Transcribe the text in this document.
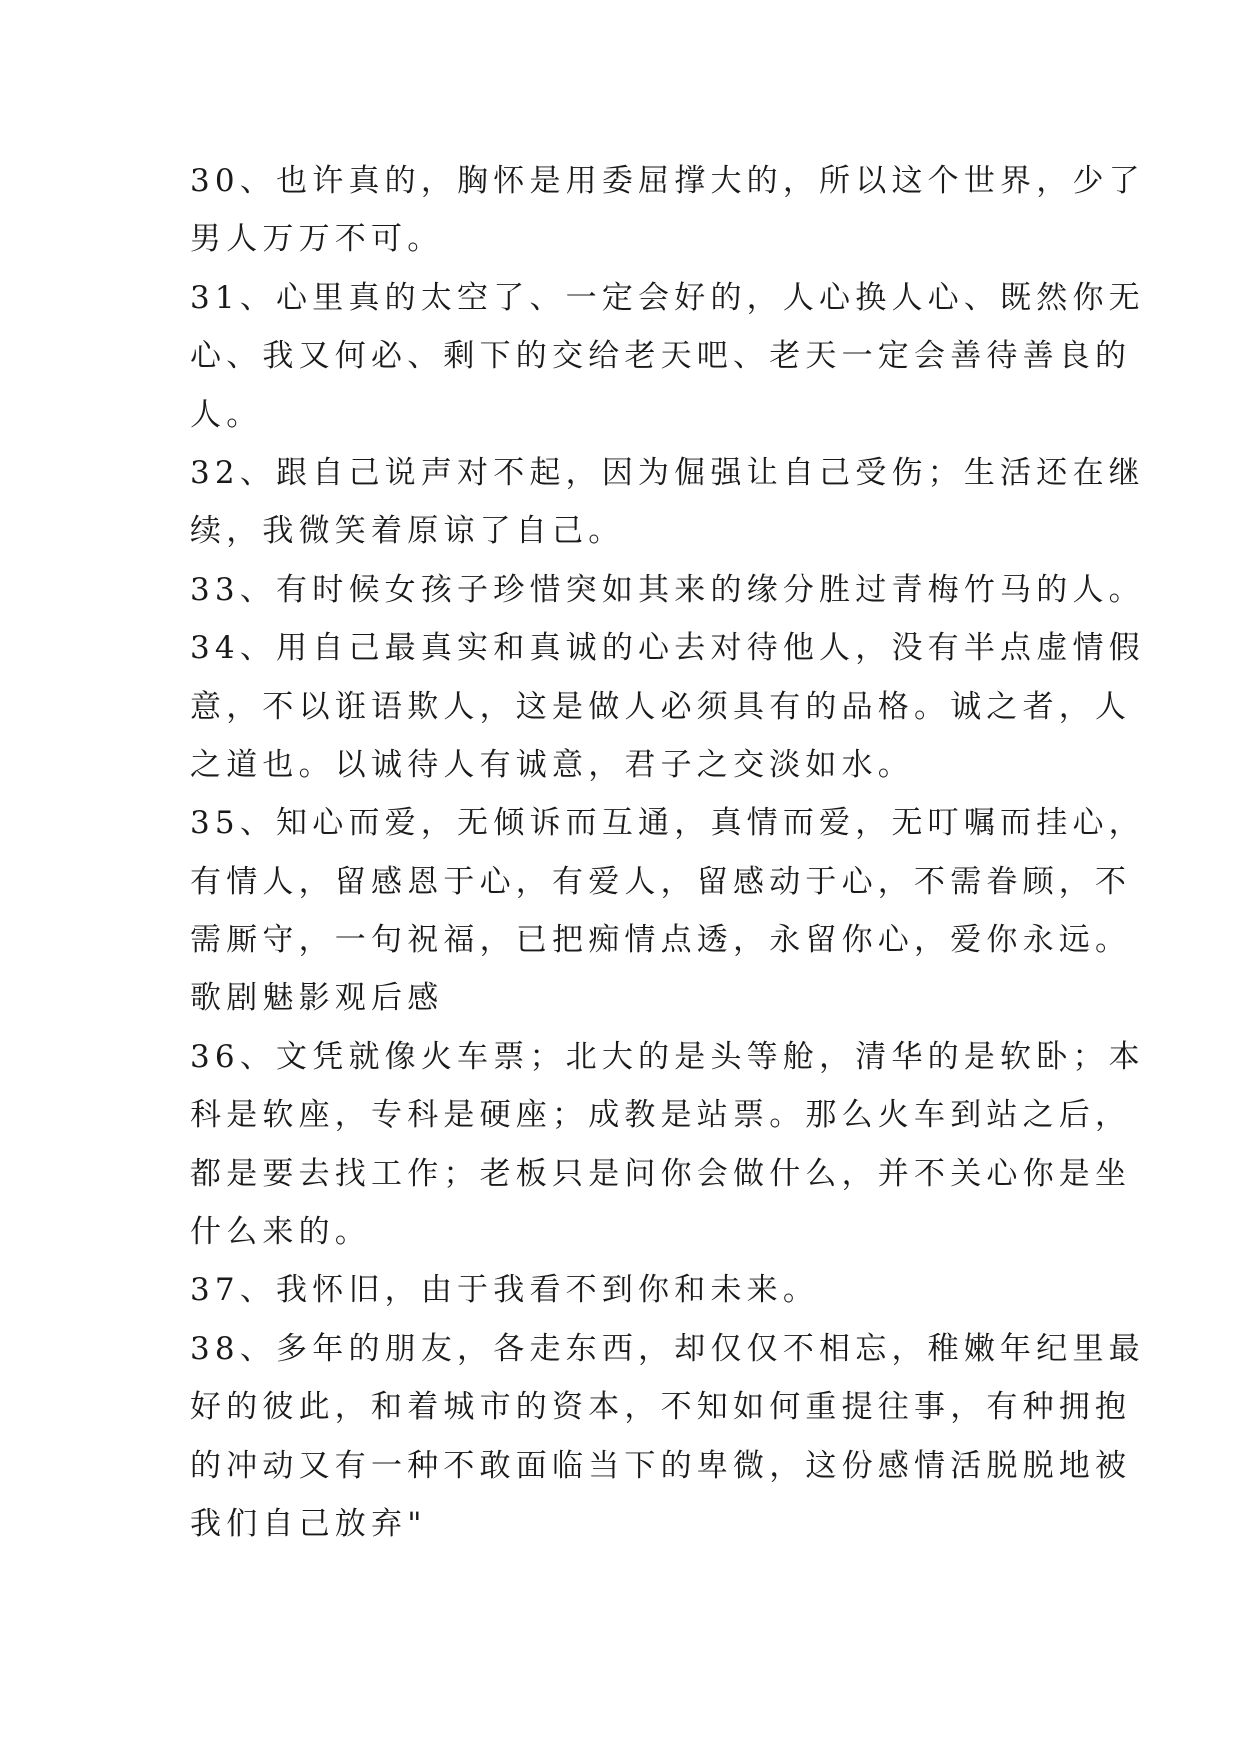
30、也许真的，胸怀是用委屈撑大的，所以这个世界，少了
男人万万不可。
31、心里真的太空了、一定会好的，人心换人心、既然你无
心、我又何必、剩下的交给老天吧、老天一定会善待善良的
人。
32、跟自己说声对不起，因为倔强让自己受伤；生活还在继
续，我微笑着原谅了自己。
33、有时候女孩子珍惜突如其来的缘分胜过青梅竹马的人。
34、用自己最真实和真诚的心去对待他人，没有半点虚情假
意，不以诳语欺人，这是做人必须具有的品格。诚之者，人
之道也。以诚待人有诚意，君子之交淡如水。
35、知心而爱，无倾诉而互通，真情而爱，无叮嘱而挂心，
有情人，留感恩于心，有爱人，留感动于心，不需眷顾，不
需厮守，一句祝福，已把痴情点透，永留你心，爱你永远。
歌剧魅影观后感
36、文凭就像火车票；北大的是头等舱，清华的是软卧；本
科是软座，专科是硬座；成教是站票。那么火车到站之后，
都是要去找工作；老板只是问你会做什么，并不关心你是坐
什么来的。
37、我怀旧，由于我看不到你和未来。
38、多年的朋友，各走东西，却仅仅不相忘，稚嫩年纪里最
好的彼此，和着城市的资本，不知如何重提往事，有种拥抱
的冲动又有一种不敢面临当下的卑微，这份感情活脱脱地被
我们自己放弃"
